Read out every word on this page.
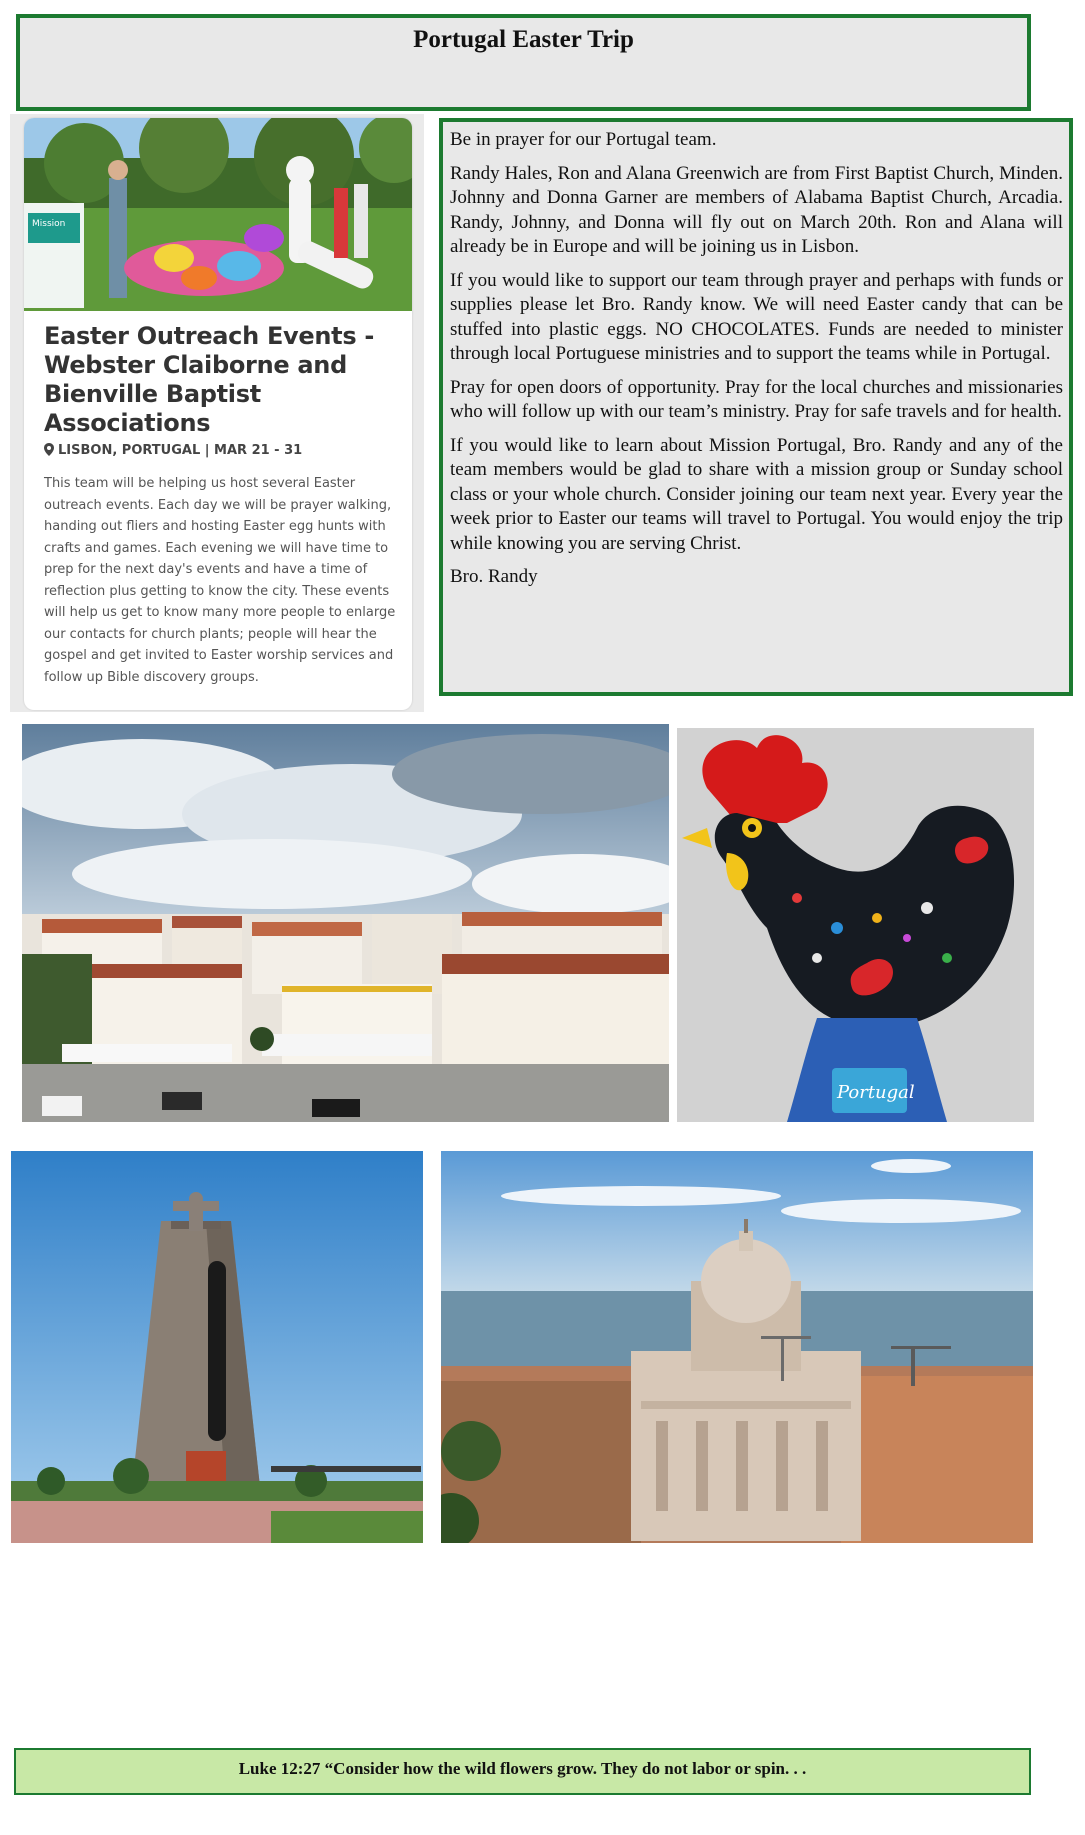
Portugal Easter Trip
Mission
Easter Outreach Events - Webster Claiborne and Bienville Baptist Associations
LISBON, PORTUGAL | MAR 21 - 31
This team will be helping us host several Easter outreach events. Each day we will be prayer walking, handing out fliers and hosting Easter egg hunts with crafts and games. Each evening we will have time to prep for the next day's events and have a time of reflection plus getting to know the city. These events will help us get to know many more people to enlarge our contacts for church plants; people will hear the gospel and get invited to Easter worship services and follow up Bible discovery groups.

Be in prayer for our Portugal team.

Randy Hales, Ron and Alana Greenwich are from First Baptist Church, Minden. Johnny and Donna Garner are members of Alabama Baptist Church, Arcadia. Randy, Johnny, and Donna will fly out on March 20th. Ron and Alana will already be in Europe and will be joining us in Lisbon.

If you would like to support our team through prayer and perhaps with funds or supplies please let Bro. Randy know. We will need Easter candy that can be stuffed into plastic eggs. NO CHOCOLATES. Funds are needed to minister through local Portuguese ministries and to support the teams while in Portugal.

Pray for open doors of opportunity. Pray for the local churches and missionaries who will follow up with our team’s ministry. Pray for safe travels and for health.

If you would like to learn about Mission Portugal, Bro. Randy and any of the team members would be glad to share with a mission group or Sunday school class or your whole church. Consider joining our team next year. Every year the week prior to Easter our teams will travel to Portugal. You would enjoy the trip while knowing you are serving Christ.

Bro. Randy

Portugal
Luke 12:27 “Consider how the wild flowers grow. They do not labor or spin. . .
